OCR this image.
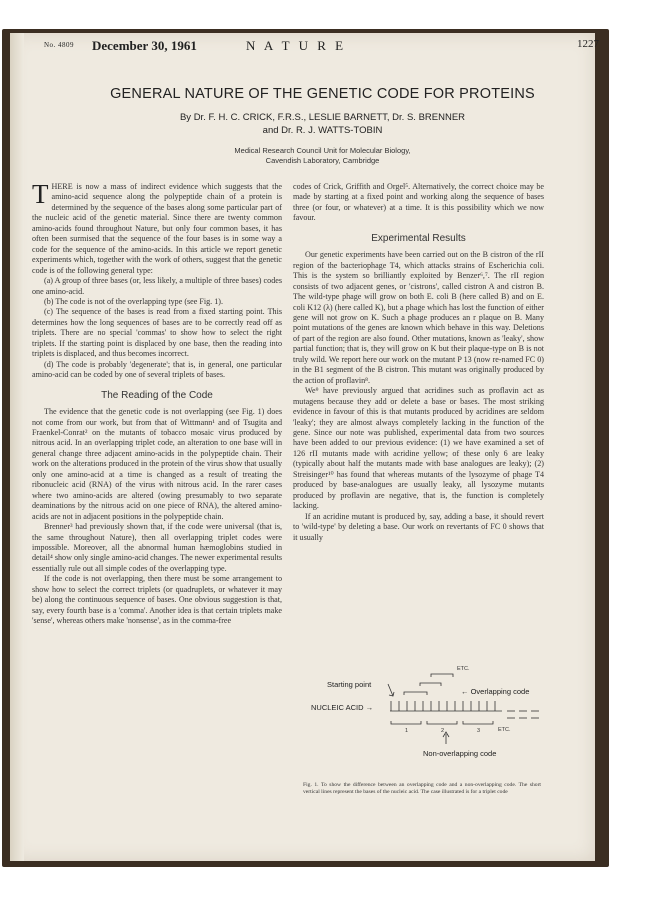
No. 4809 December 30, 1961	N A T U R E	1227
GENERAL NATURE OF THE GENETIC CODE FOR PROTEINS
By Dr. F. H. C. CRICK, F.R.S., LESLIE BARNETT, Dr. S. BRENNER
and Dr. R. J. WATTS-TOBIN
Medical Research Council Unit for Molecular Biology,
Cavendish Laboratory, Cambridge

THERE is now a mass of indirect evidence which suggests that the amino-acid sequence along the polypeptide chain of a protein is determined by the sequence of the bases along some particular part of the nucleic acid of the genetic material. Since there are twenty common amino-acids found throughout Nature, but only four common bases, it has often been surmised that the sequence of the four bases is in some way a code for the sequence of the amino-acids. In this article we report genetic experiments which, together with the work of others, suggest that the genetic code is of the following general type:

(a) A group of three bases (or, less likely, a multiple of three bases) codes one amino-acid.

(b) The code is not of the overlapping type (see Fig. 1).

(c) The sequence of the bases is read from a fixed starting point. This determines how the long sequences of bases are to be correctly read off as triplets. There are no special 'commas' to show how to select the right triplets. If the starting point is displaced by one base, then the reading into triplets is displaced, and thus becomes incorrect.

(d) The code is probably 'degenerate'; that is, in general, one particular amino-acid can be coded by one of several triplets of bases.

The Reading of the Code

The evidence that the genetic code is not overlapping (see Fig. 1) does not come from our work, but from that of Wittmann¹ and of Tsugita and Fraenkel-Conrat² on the mutants of tobacco mosaic virus produced by nitrous acid. In an overlapping triplet code, an alteration to one base will in general change three adjacent amino-acids in the polypeptide chain. Their work on the alterations produced in the protein of the virus show that usually only one amino-acid at a time is changed as a result of treating the ribonucleic acid (RNA) of the virus with nitrous acid. In the rarer cases where two amino-acids are altered (owing presumably to two separate deaminations by the nitrous acid on one piece of RNA), the altered amino-acids are not in adjacent positions in the polypeptide chain.

Brenner³ had previously shown that, if the code were universal (that is, the same throughout Nature), then all overlapping triplet codes were impossible. Moreover, all the abnormal human hæmoglobins studied in detail⁴ show only single amino-acid changes. The newer experimental results essentially rule out all simple codes of the overlapping type.

If the code is not overlapping, then there must be some arrangement to show how to select the correct triplets (or quadruplets, or whatever it may be) along the continuous sequence of bases. One obvious suggestion is that, say, every fourth base is a 'comma'. Another idea is that certain triplets make 'sense', whereas others make 'nonsense', as in the comma-free

codes of Crick, Griffith and Orgel⁵. Alternatively, the correct choice may be made by starting at a fixed point and working along the sequence of bases three (or four, or whatever) at a time. It is this possibility which we now favour.

Experimental Results

Our genetic experiments have been carried out on the B cistron of the rII region of the bacteriophage T4, which attacks strains of Escherichia coli. This is the system so brilliantly exploited by Benzer⁶,⁷. The rII region consists of two adjacent genes, or 'cistrons', called cistron A and cistron B. The wild-type phage will grow on both E. coli B (here called B) and on E. coli K12 (λ) (here called K), but a phage which has lost the function of either gene will not grow on K. Such a phage produces an r plaque on B. Many point mutations of the genes are known which behave in this way. Deletions of part of the region are also found. Other mutations, known as 'leaky', show partial function; that is, they will grow on K but their plaque-type on B is not truly wild. We report here our work on the mutant P 13 (now re-named FC 0) in the B1 segment of the B cistron. This mutant was originally produced by the action of proflavin⁸.

We⁹ have previously argued that acridines such as proflavin act as mutagens because they add or delete a base or bases. The most striking evidence in favour of this is that mutants produced by acridines are seldom 'leaky'; they are almost always completely lacking in the function of the gene. Since our note was published, experimental data from two sources have been added to our previous evidence: (1) we have examined a set of 126 rII mutants made with acridine yellow; of these only 6 are leaky (typically about half the mutants made with base analogues are leaky); (2) Streisinger¹⁰ has found that whereas mutants of the lysozyme of phage T4 produced by base-analogues are usually leaky, all lysozyme mutants produced by proflavin are negative, that is, the function is completely lacking.

If an acridine mutant is produced by, say, adding a base, it should revert to 'wild-type' by deleting a base. Our work on revertants of FC 0 shows that it usually

Starting point
← Overlapping code
NUCLEIC ACID →
Non-overlapping code
ETC.
1	2	3	ETC.
Fig. 1. To show the difference between an overlapping code and a non-overlapping code. The short vertical lines represent the bases of the nucleic acid. The case illustrated is for a triplet code
